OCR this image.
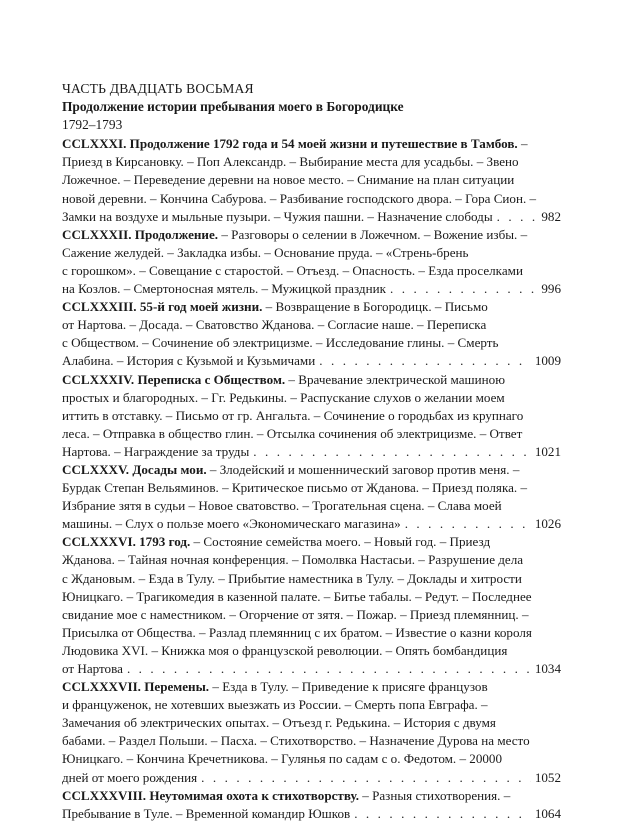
ЧАСТЬ ДВАДЦАТЬ ВОСЬМАЯ
Продолжение истории пребывания моего в Богородицке
1792–1793
CCLXXXI. Продолжение 1792 года и 54 моей жизни и путешествие в Тамбов. –
Приезд в Кирсановку. – Поп Александр. – Выбирание места для усадьбы. – Звено
Ложечное. – Переведение деревни на новое место. – Снимание на план ситуации
новой деревни. – Кончина Сабурова. – Разбивание господского двора. – Гора Сион. –
Замки на воздухе и мыльные пузыри. – Чужия пашни. – Назначение слободы . . .	982
CCLXXXII. Продолжение. – Разговоры о селении в Ложечном. – Вожение избы. –
Сажение желудей. – Закладка избы. – Основание пруда. – «Стрень-брень
с горошком». – Совещание с старостой. – Отъезд. – Опасность. – Езда проселками
на Козлов. – Смертоносная мятель. – Мужицкой праздник . . .	996
CCLXXXIII. 55-й год моей жизни. – Возвращение в Богородицк. – Письмо
от Нартова. – Досада. – Сватовство Жданова. – Согласие наше. – Переписка
с Обществом. – Сочинение об электрицизме. – Исследование глины. – Смерть
Алабина. – История с Кузьмой и Кузьмичами . . .	1009
CCLXXXIV. Переписка с Обществом. – Врачевание электрической машиною
простых и благородных. – Гг. Редькины. – Распускание слухов о желании моем
иттить в отставку. – Письмо от гр. Ангальта. – Сочинение о городьбах из крупнаго
леса. – Отправка в общество глин. – Отсылка сочинения об электрицизме. – Ответ
Нартова. – Награждение за труды . . .	1021
CCLXXXV. Досады мои. – Злодейский и мошеннический заговор против меня. –
Бурдак Степан Вельяминов. – Критическое письмо от Жданова. – Приезд поляка. –
Избрание зятя в судьи – Новое сватовство. – Трогательная сцена. – Слава моей
машины. – Слух о пользе моего «Экономическаго магазина» . . .	1026
CCLXXXVI. 1793 год. – Состояние семейства моего. – Новый год. – Приезд
Жданова. – Тайная ночная конференция. – Помолвка Настасьи. – Разрушение дела
с Ждановым. – Езда в Тулу. – Прибытие наместника в Тулу. – Доклады и хитрости
Юницкаго. – Трагикомедия в казенной палате. – Битье табалы. – Редут. – Последнее
свидание мое с наместником. – Огорчение от зятя. – Пожар. – Приезд племянниц. –
Присылка от Общества. – Разлад племянниц с их братом. – Известие о казни короля
Людовика XVI. – Книжка моя о французской революции. – Опять бомбандиция
от Нартова . . .	1034
CCLXXXVII. Перемены. – Езда в Тулу. – Приведение к присяге французов
и француженок, не хотевших выезжать из России. – Смерть попа Евграфа. –
Замечания об электрических опытах. – Отъезд г. Редькина. – История с двумя
бабами. – Раздел Польши. – Пасха. – Стихотворство. – Назначение Дурова на место
Юницкаго. – Кончина Кречетникова. – Гулянья по садам с о. Федотом. – 20000
дней от моего рождения . . .	1052
CCLXXXVIII. Неутомимая охота к стихотворству. – Разныя стихотворения. –
Пребывание в Туле. – Временной командир Юшков . . .	1064
